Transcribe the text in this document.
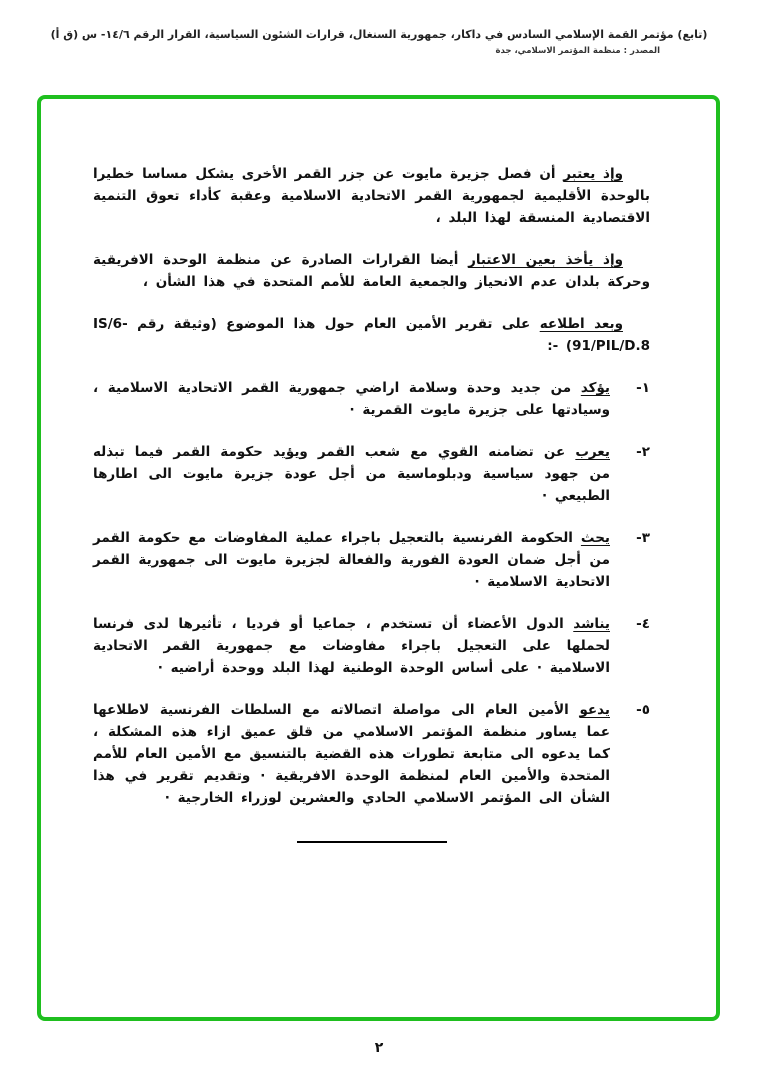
(تابع) مؤتمر القمة الإسلامي السادس في داكار، جمهورية السنغال، قرارات الشئون السياسية، القرار الرقم ١٤/٦- س (ق أ)
المصدر : منظمة المؤتمر الاسلامي، جدة

وإذ يعتبر أن فصل جزيرة مايوت عن جزر القمر الأخرى يشكل مساسا خطيرا بالوحدة الأقليمية لجمهورية القمر الاتحادية الاسلامية وعقبة كأداء تعوق التنمية الاقتصادية المنسقة لهذا البلد ،

وإذ يأخذ بعين الاعتبار أيضا القرارات الصادرة عن منظمة الوحدة الافريقية وحركة بلدان عدم الانحياز والجمعية العامة للأمم المتحدة في هذا الشأن ،

وبعد اطلاعه على تقرير الأمين العام حول هذا الموضوع (وثيقة رقم IS/6-91/PIL/D.8) -:

١-

يؤكد من جديد وحدة وسلامة اراضي جمهورية القمر الاتحادية الاسلامية ، وسيادتها على جزيرة مايوت القمرية ·

٢-

يعرب عن تضامنه القوي مع شعب القمر ويؤيد حكومة القمر فيما تبذله من جهود سياسية ودبلوماسية من أجل عودة جزيرة مايوت الى اطارها الطبيعي ·

٣-

يحث الحكومة الفرنسية بالتعجيل باجراء عملية المفاوضات مع حكومة القمر من أجل ضمان العودة الفورية والفعالة لجزيرة مايوت الى جمهورية القمر الاتحادية الاسلامية ·

٤-

يناشد الدول الأعضاء أن تستخدم ، جماعيا أو فرديا ، تأثيرها لدى فرنسا لحملها على التعجيل باجراء مفاوضات مع جمهورية القمر الاتحادية الاسلامية · على أساس الوحدة الوطنية لهذا البلد ووحدة أراضيه ·

٥-

يدعو الأمين العام الى مواصلة اتصالاته مع السلطات الفرنسية لاطلاعها عما يساور منظمة المؤتمر الاسلامي من قلق عميق ازاء هذه المشكلة ، كما يدعوه الى متابعة تطورات هذه القضية بالتنسيق مع الأمين العام للأمم المتحدة والأمين العام لمنظمة الوحدة الافريقية · وتقديم تقرير في هذا الشأن الى المؤتمر الاسلامي الحادي والعشرين لوزراء الخارجية ·

٢
